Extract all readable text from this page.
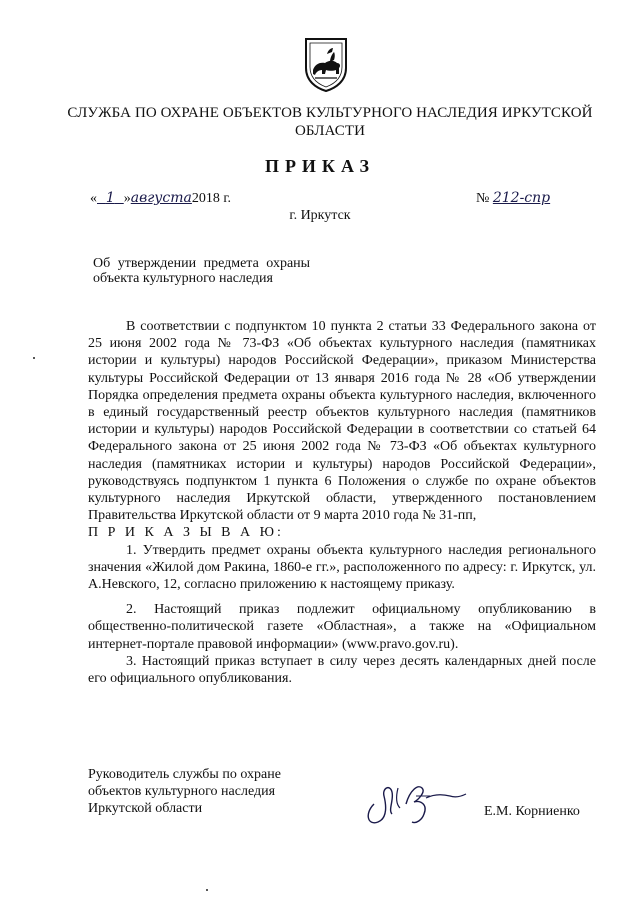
СЛУЖБА ПО ОХРАНЕ ОБЪЕКТОВ КУЛЬТУРНОГО НАСЛЕДИЯ ИРКУТСКОЙ ОБЛАСТИ
ПРИКАЗ
« 1 »августа2018 г.	№ 212-спр
г. Иркутск
Об утверждении предмета охраны
объекта культурного наследия

В соответствии с подпунктом 10 пункта 2 статьи 33 Федерального закона от 25 июня 2002 года № 73-ФЗ «Об объектах культурного наследия (памятниках истории и культуры) народов Российской Федерации», приказом Министерства культуры Российской Федерации от 13 января 2016 года № 28 «Об утверждении Порядка определения предмета охраны объекта культурного наследия, включенного в единый государственный реестр объектов культурного наследия (памятников истории и культуры) народов Российской Федерации в соответствии со статьей 64 Федерального закона от 25 июня 2002 года № 73-ФЗ «Об объектах культурного наследия (памятниках истории и культуры) народов Российской Федерации», руководствуясь подпунктом 1 пункта 6 Положения о службе по охране объектов культурного наследия Иркутской области, утвержденного постановлением Правительства Иркутской области от 9 марта 2010 года № 31-пп,

П Р И К А З Ы В А Ю:

1. Утвердить предмет охраны объекта культурного наследия регионального значения «Жилой дом Ракина, 1860-е гг.», расположенного по адресу: г. Иркутск, ул. А.Невского, 12, согласно приложению к настоящему приказу.

2. Настоящий приказ подлежит официальному опубликованию в общественно-политической газете «Областная», а также на «Официальном интернет-портале правовой информации» (www.pravo.gov.ru).

3. Настоящий приказ вступает в силу через десять календарных дней после его официального опубликования.

Руководитель службы по охране
объектов культурного наследия
Иркутской области	Е.М. Корниенко
